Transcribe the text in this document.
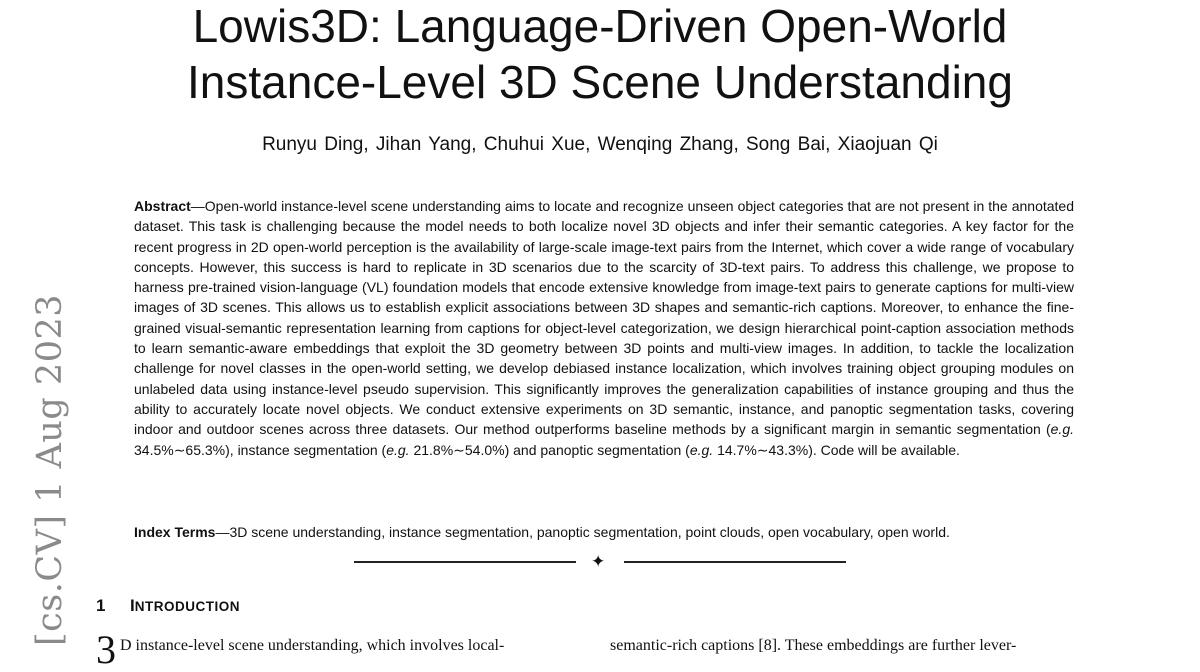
[cs.CV] 1 Aug 2023
Lowis3D: Language-Driven Open-World
Instance-Level 3D Scene Understanding
Runyu Ding, Jihan Yang, Chuhui Xue, Wenqing Zhang, Song Bai, Xiaojuan Qi

Abstract—Open-world instance-level scene understanding aims to locate and recognize unseen object categories that are not present in the annotated dataset. This task is challenging because the model needs to both localize novel 3D objects and infer their semantic categories. A key factor for the recent progress in 2D open-world perception is the availability of large-scale image-text pairs from the Internet, which cover a wide range of vocabulary concepts. However, this success is hard to replicate in 3D scenarios due to the scarcity of 3D-text pairs. To address this challenge, we propose to harness pre-trained vision-language (VL) foundation models that encode extensive knowledge from image-text pairs to generate captions for multi-view images of 3D scenes. This allows us to establish explicit associations between 3D shapes and semantic-rich captions. Moreover, to enhance the fine-grained visual-semantic representation learning from captions for object-level categorization, we design hierarchical point-caption association methods to learn semantic-aware embeddings that exploit the 3D geometry between 3D points and multi-view images. In addition, to tackle the localization challenge for novel classes in the open-world setting, we develop debiased instance localization, which involves training object grouping modules on unlabeled data using instance-level pseudo supervision. This significantly improves the generalization capabilities of instance grouping and thus the ability to accurately locate novel objects. We conduct extensive experiments on 3D semantic, instance, and panoptic segmentation tasks, covering indoor and outdoor scenes across three datasets. Our method outperforms baseline methods by a significant margin in semantic segmentation (e.g. 34.5%∼65.3%), instance segmentation (e.g. 21.8%∼54.0%) and panoptic segmentation (e.g. 14.7%∼43.3%). Code will be available.

Index Terms—3D scene understanding, instance segmentation, panoptic segmentation, point clouds, open vocabulary, open world.

✦
1 INTRODUCTION
3 D instance-level scene understanding, which involves local-	semantic-rich captions [8]. These embeddings are further lever-
